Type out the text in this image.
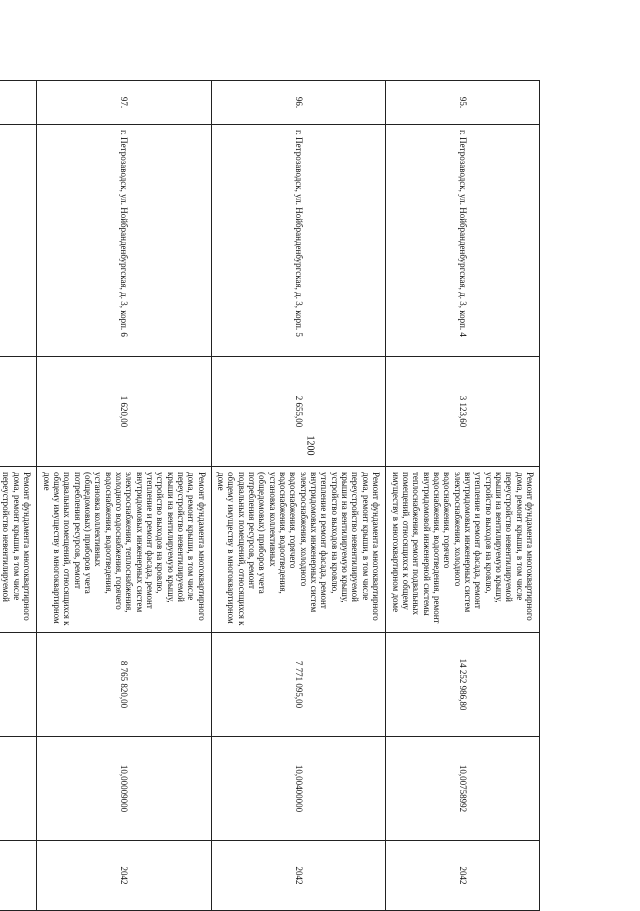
1200
95.	г. Петрозаводск, ул. Нойбранденбургская, д. 3, корп. 4	3 123,60	Ремонт фундамента многоквартирного дома, ремонт крыши, в том числе переустройство невентилируемой крыши на вентилируемую крышу, устройство выходов на кровлю, утепление и ремонт фасада, ремонт внутридомовых инженерных систем электроснабжения, холодного водоснабжения, горячего водоснабжения, водоотведения, ремонт внутридомовой инженерной системы теплоснабжения, ремонт подвальных помещений, относящихся к общему имуществу в многоквартирном доме	14 252 986,80	10,00758992	2042
96.	г. Петрозаводск, ул. Нойбранденбургская, д. 3, корп. 5	2 655,00	Ремонт фундамента многоквартирного дома, ремонт крыши, в том числе переустройство невентилируемой крыши на вентилируемую крышу, устройство выходов на кровлю, утепление и ремонт фасада, ремонт внутридомовых инженерных систем электроснабжения, холодного водоснабжения, горячего водоснабжения, водоотведения, установка коллективных (общедомовых) приборов учета потребления ресурсов, ремонт подвальных помещений, относящихся к общему имуществу в многоквартирном доме	7 771 095,00	10,00400000	2042
97.	г. Петрозаводск, ул. Нойбранденбургская, д. 3, корп. 6	1 620,00	Ремонт фундамента многоквартирного дома, ремонт крыши, в том числе переустройство невентилируемой крыши на вентилируемую крышу, устройство выходов на кровлю, утепление и ремонт фасада, ремонт внутридомовых инженерных систем электроснабжения, теплоснабжения, холодного водоснабжения, горячего водоснабжения, водоотведения, установка коллективных (общедомовых) приборов учета потребления ресурсов, ремонт подвальных помещений, относящихся к общему имуществу в многоквартирном доме	8 765 820,00	10,00009000	2042
			Ремонт фундамента многоквартирного дома, ремонт крыши, в том числе переустройство невентилируемой			
